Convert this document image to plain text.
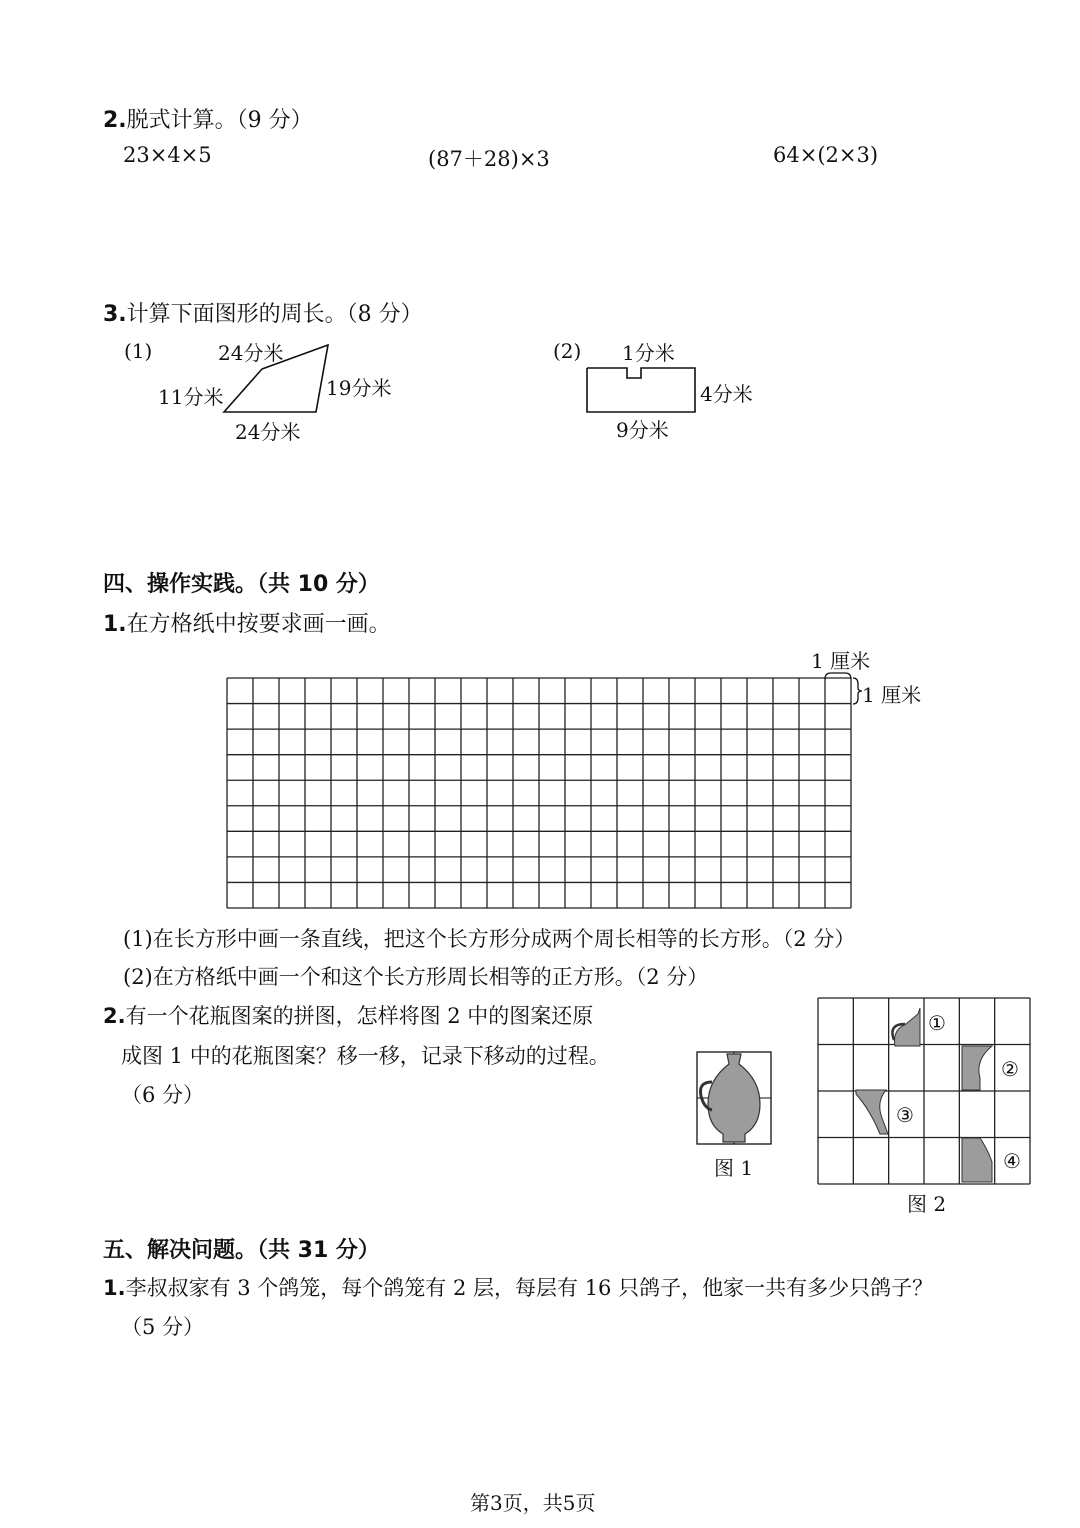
2.脱式计算。（9 分）
23×4×5	(87＋28)×3	64×(2×3)
3.计算下面图形的周长。（8 分）
(1)	24分米
11分米	19分米
24分米
(2) 1分米
4分米
9分米
1 厘米
1 厘米
四、操作实践。（共 10 分）
1.在方格纸中按要求画一画。
(1)在长方形中画一条直线，把这个长方形分成两个周长相等的长方形。（2 分）
(2)在方格纸中画一个和这个长方形周长相等的正方形。（2 分）
2.有一个花瓶图案的拼图，怎样将图 2 中的图案还原
成图 1 中的花瓶图案？移一移，记录下移动的过程。
（6 分）
图 1
图 2
①
②
③
④
五、解决问题。（共 31 分）
1.李叔叔家有 3 个鸽笼，每个鸽笼有 2 层，每层有 16 只鸽子，他家一共有多少只鸽子？
（5 分）
第3页，共5页
